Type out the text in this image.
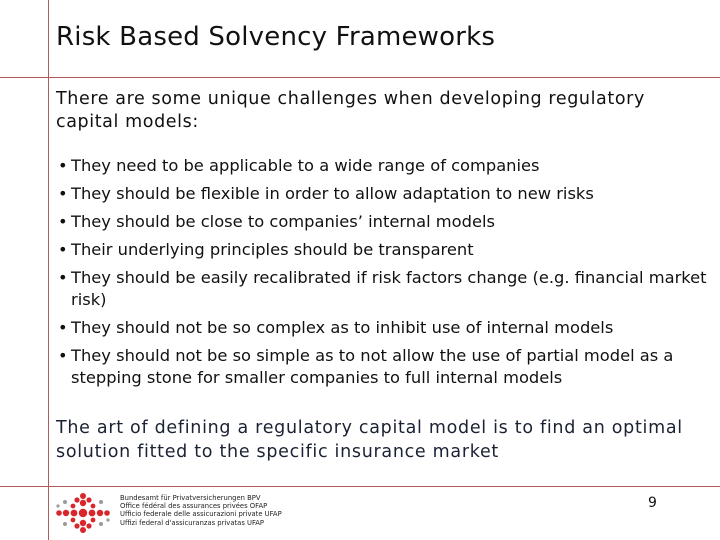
Risk Based Solvency Frameworks
There are some unique challenges when developing regulatory capital models:
• They need to be applicable to a wide range of companies
• They should be flexible in order to allow adaptation to new risks
• They should be close to companies’ internal models
• Their underlying principles should be transparent
• They should be easily recalibrated if risk factors change (e.g. financial market risk)
• They should not be so complex as to inhibit use of internal models
• They should not be so simple as to not allow the use of partial model as a stepping stone for smaller companies to full internal models
The art of defining a regulatory capital model is to find an optimal solution fitted to the specific insurance market
9
Bundesamt für Privatversicherungen BPV
Office fédéral des assurances privées OFAP
Ufficio federale delle assicurazioni private UFAP
Uffizi federal d'assicuranzas privatas UFAP
